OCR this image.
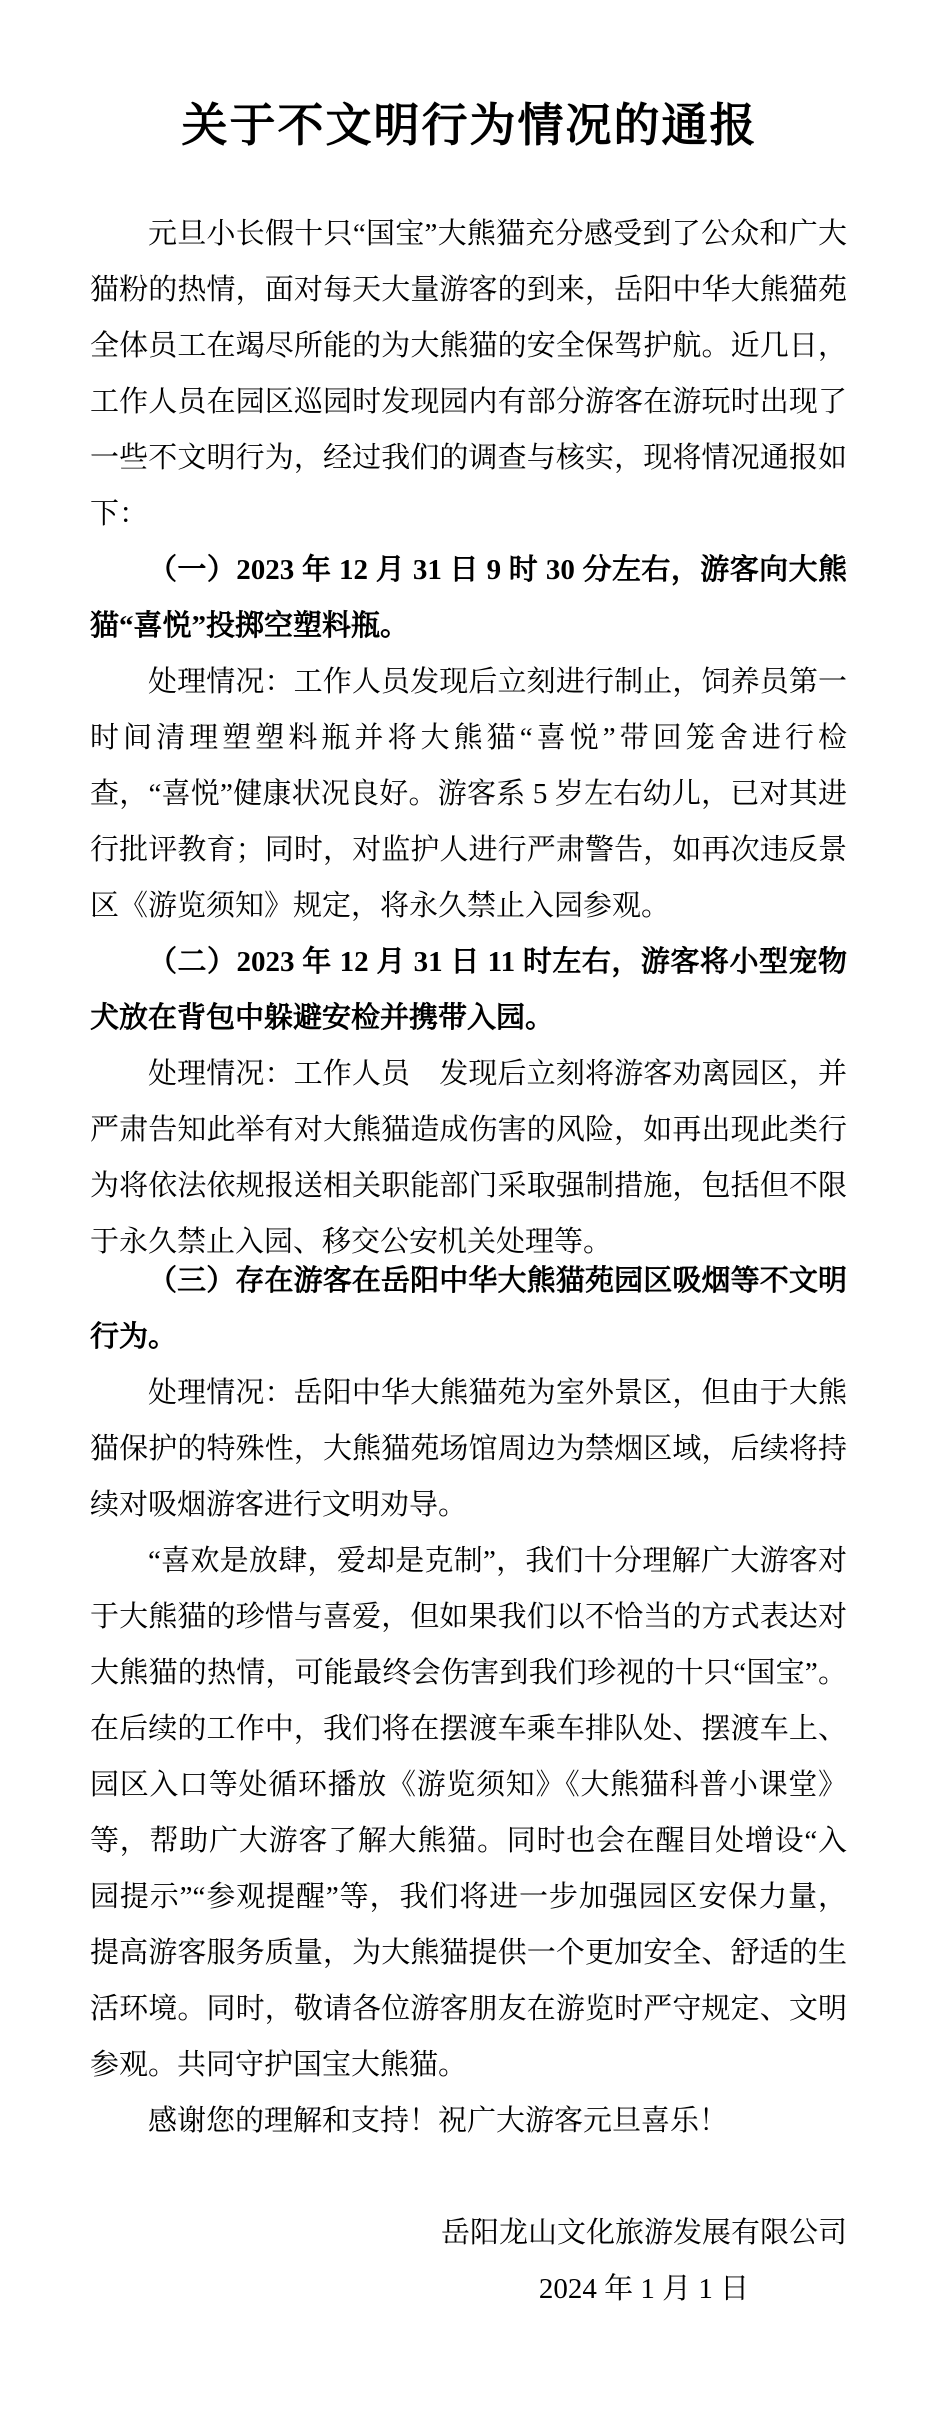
关于不文明行为情况的通报

元旦小长假十只“国宝”大熊猫充分感受到了公众和广大猫粉的热情，面对每天大量游客的到来，岳阳中华大熊猫苑全体员工在竭尽所能的为大熊猫的安全保驾护航。近几日，工作人员在园区巡园时发现园内有部分游客在游玩时出现了一些不文明行为，经过我们的调查与核实，现将情况通报如下：

（一）2023 年 12 月 31 日 9 时 30 分左右，游客向大熊猫“喜悦”投掷空塑料瓶。

处理情况：工作人员发现后立刻进行制止，饲养员第一时间清理塑塑料瓶并将大熊猫“喜悦”带回笼舍进行检查，“喜悦”健康状况良好。游客系 5 岁左右幼儿，已对其进行批评教育；同时，对监护人进行严肃警告，如再次违反景区《游览须知》规定，将永久禁止入园参观。

（二）2023 年 12 月 31 日 11 时左右，游客将小型宠物犬放在背包中躲避安检并携带入园。

处理情况：工作人员　发现后立刻将游客劝离园区，并严肃告知此举有对大熊猫造成伤害的风险，如再出现此类行为将依法依规报送相关职能部门采取强制措施，包括但不限于永久禁止入园、移交公安机关处理等。

（三）存在游客在岳阳中华大熊猫苑园区吸烟等不文明行为。

处理情况：岳阳中华大熊猫苑为室外景区，但由于大熊猫保护的特殊性，大熊猫苑场馆周边为禁烟区域，后续将持续对吸烟游客进行文明劝导。

“喜欢是放肆，爱却是克制”，我们十分理解广大游客对于大熊猫的珍惜与喜爱，但如果我们以不恰当的方式表达对大熊猫的热情，可能最终会伤害到我们珍视的十只“国宝”。在后续的工作中，我们将在摆渡车乘车排队处、摆渡车上、园区入口等处循环播放《游览须知》《大熊猫科普小课堂》等，帮助广大游客了解大熊猫。同时也会在醒目处增设“入园提示”“参观提醒”等，我们将进一步加强园区安保力量，提高游客服务质量，为大熊猫提供一个更加安全、舒适的生活环境。同时，敬请各位游客朋友在游览时严守规定、文明参观。共同守护国宝大熊猫。

感谢您的理解和支持！祝广大游客元旦喜乐！

岳阳龙山文化旅游发展有限公司
2024 年 1 月 1 日
